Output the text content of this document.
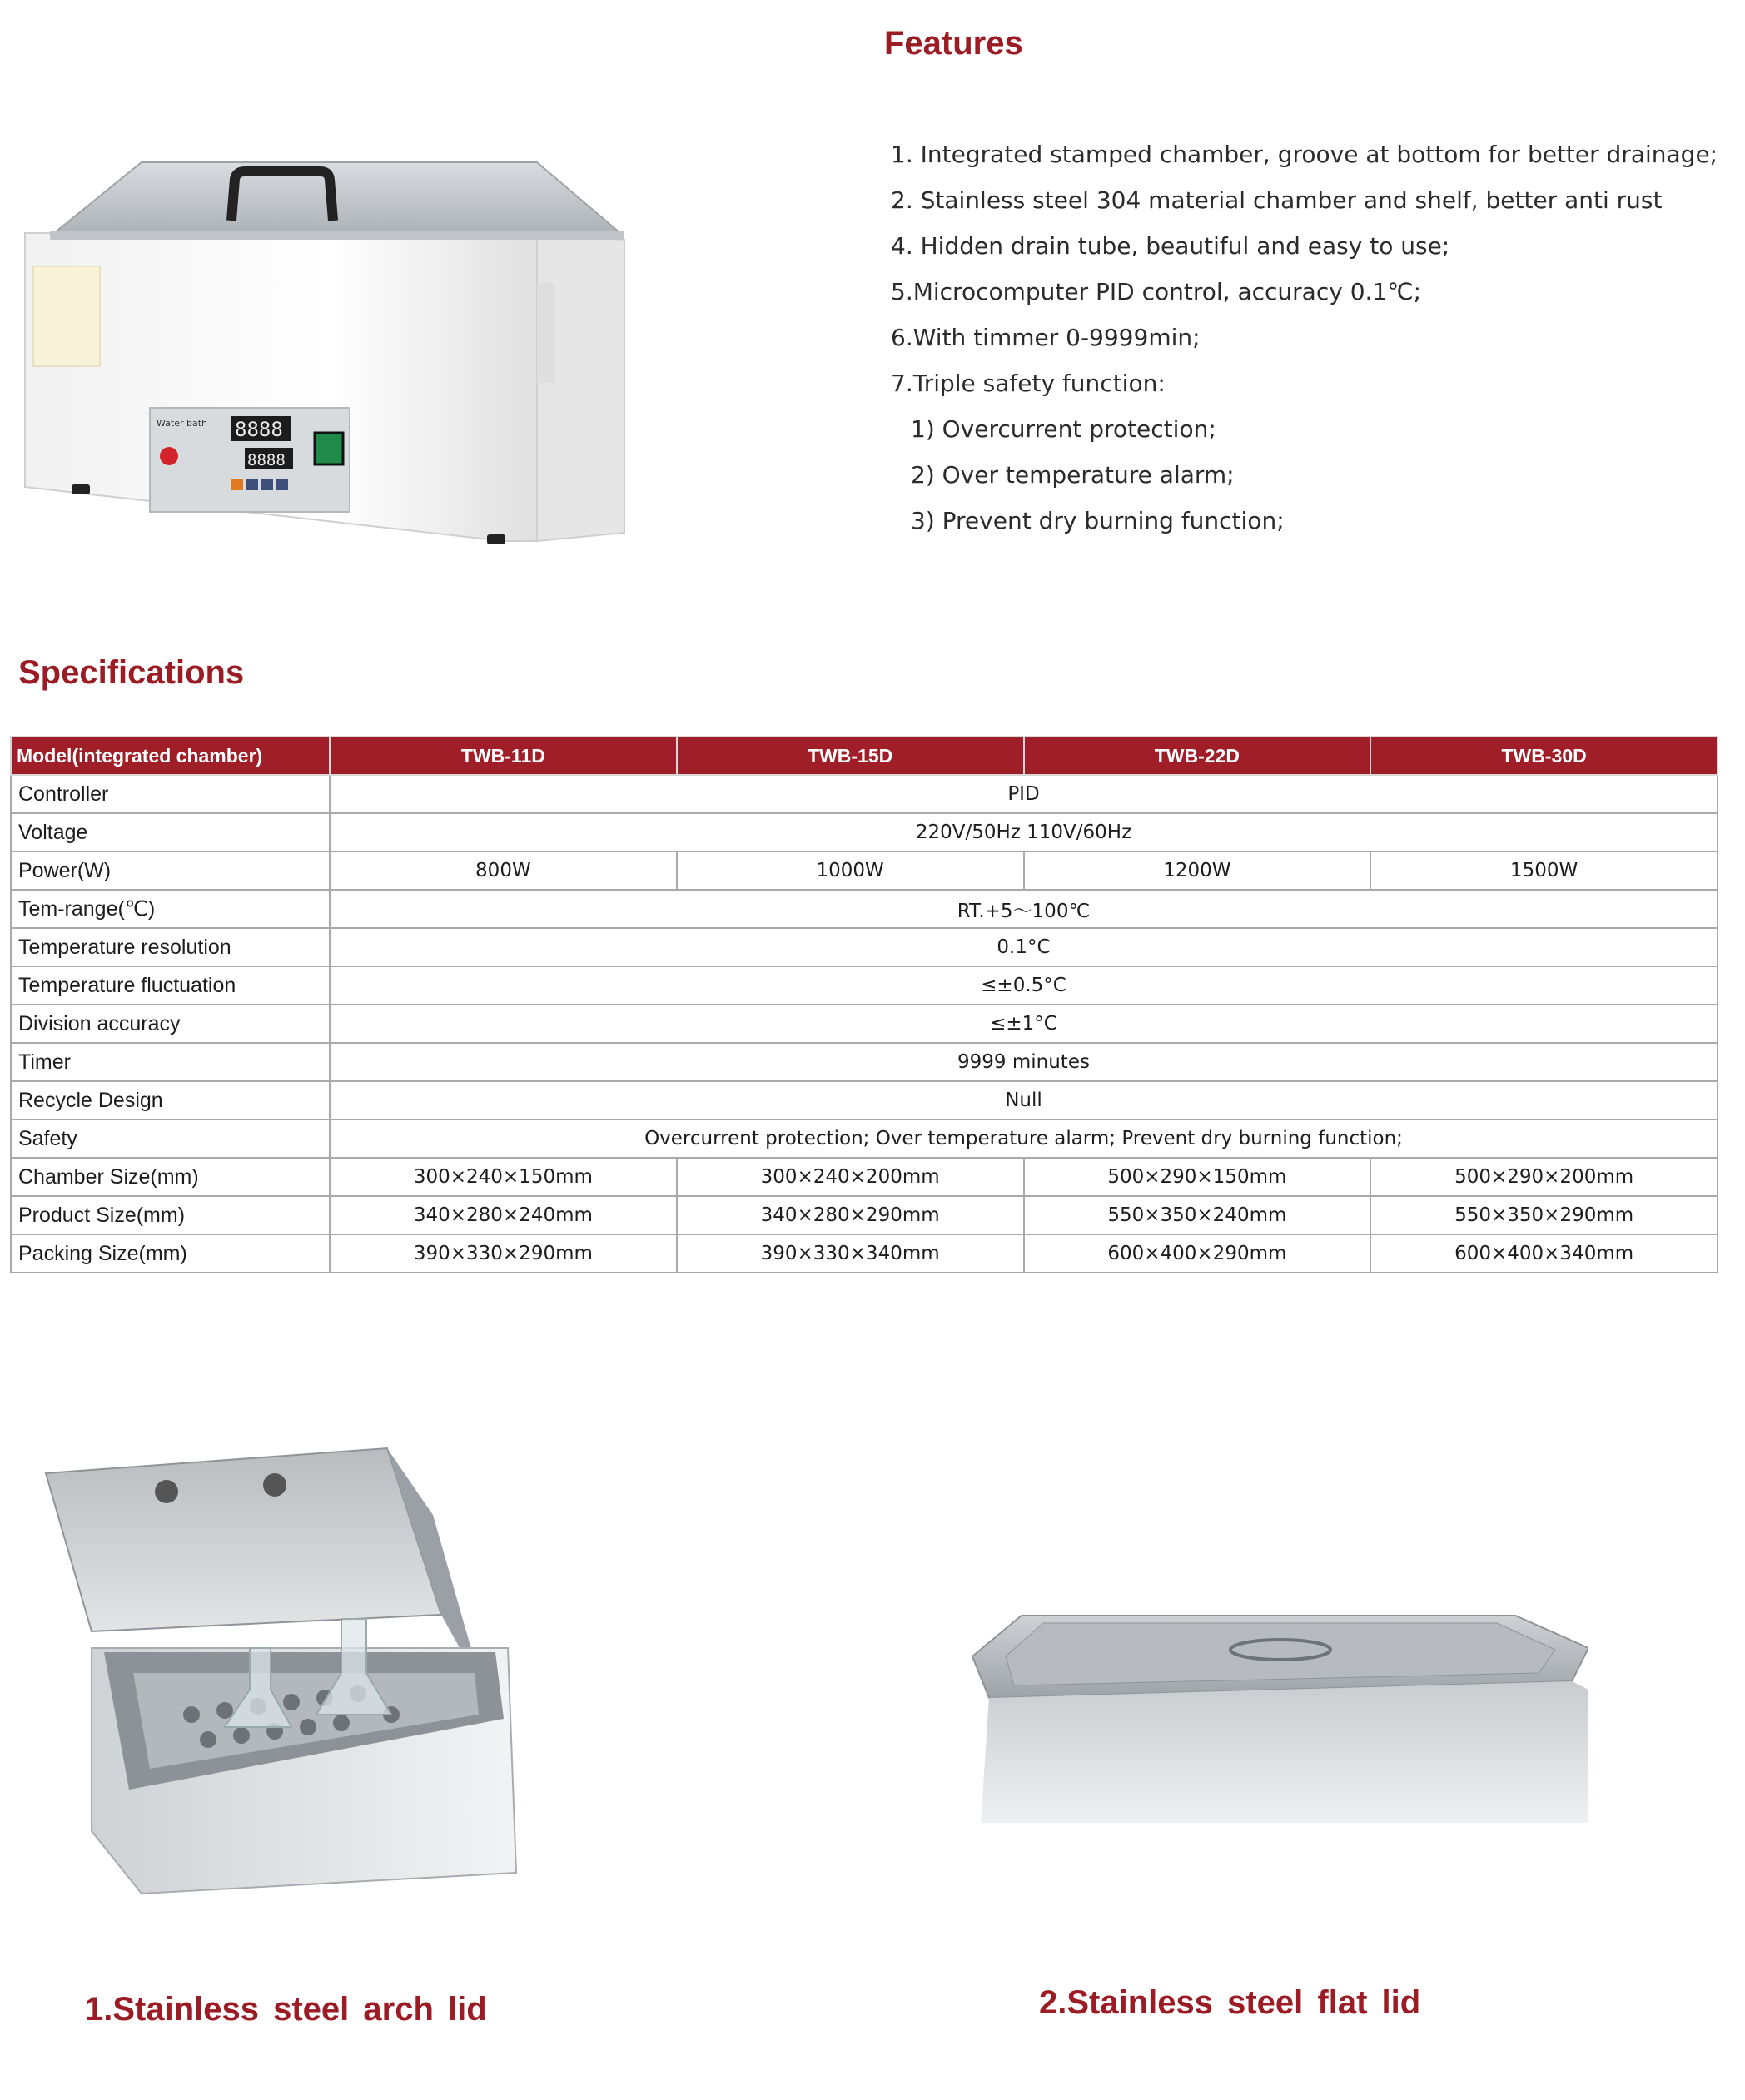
Features
1. Integrated stamped chamber, groove at bottom for better drainage;
2. Stainless steel 304 material chamber and shelf, better anti rust
4. Hidden drain tube, beautiful and easy to use;
5.Microcomputer PID control, accuracy 0.1℃;
6.With timmer 0-9999min;
7.Triple safety function:
1) Overcurrent protection;
2) Over temperature alarm;
3) Prevent dry burning function;
Water bath 8888
8888
Specifications
Model(integrated chamber)	TWB-11D	TWB-15D	TWB-22D	TWB-30D
Controller	PID			
Voltage	220V/50Hz 110V/60Hz			
Power(W)	800W	1000W	1200W	1500W
Tem-range(℃)	RT.+5～100℃			
Temperature resolution	0.1°C			
Temperature fluctuation	≤±0.5°C			
Division accuracy	≤±1°C			
Timer	9999 minutes			
Recycle Design	Null			
Safety	Overcurrent protection; Over temperature alarm; Prevent dry burning function;			
Chamber Size(mm)	300×240×150mm	300×240×200mm	500×290×150mm	500×290×200mm
Product Size(mm)	340×280×240mm	340×280×290mm	550×350×240mm	550×350×290mm
Packing Size(mm)	390×330×290mm	390×330×340mm	600×400×290mm	600×400×340mm
1.Stainless steel arch lid	2.Stainless steel flat lid
